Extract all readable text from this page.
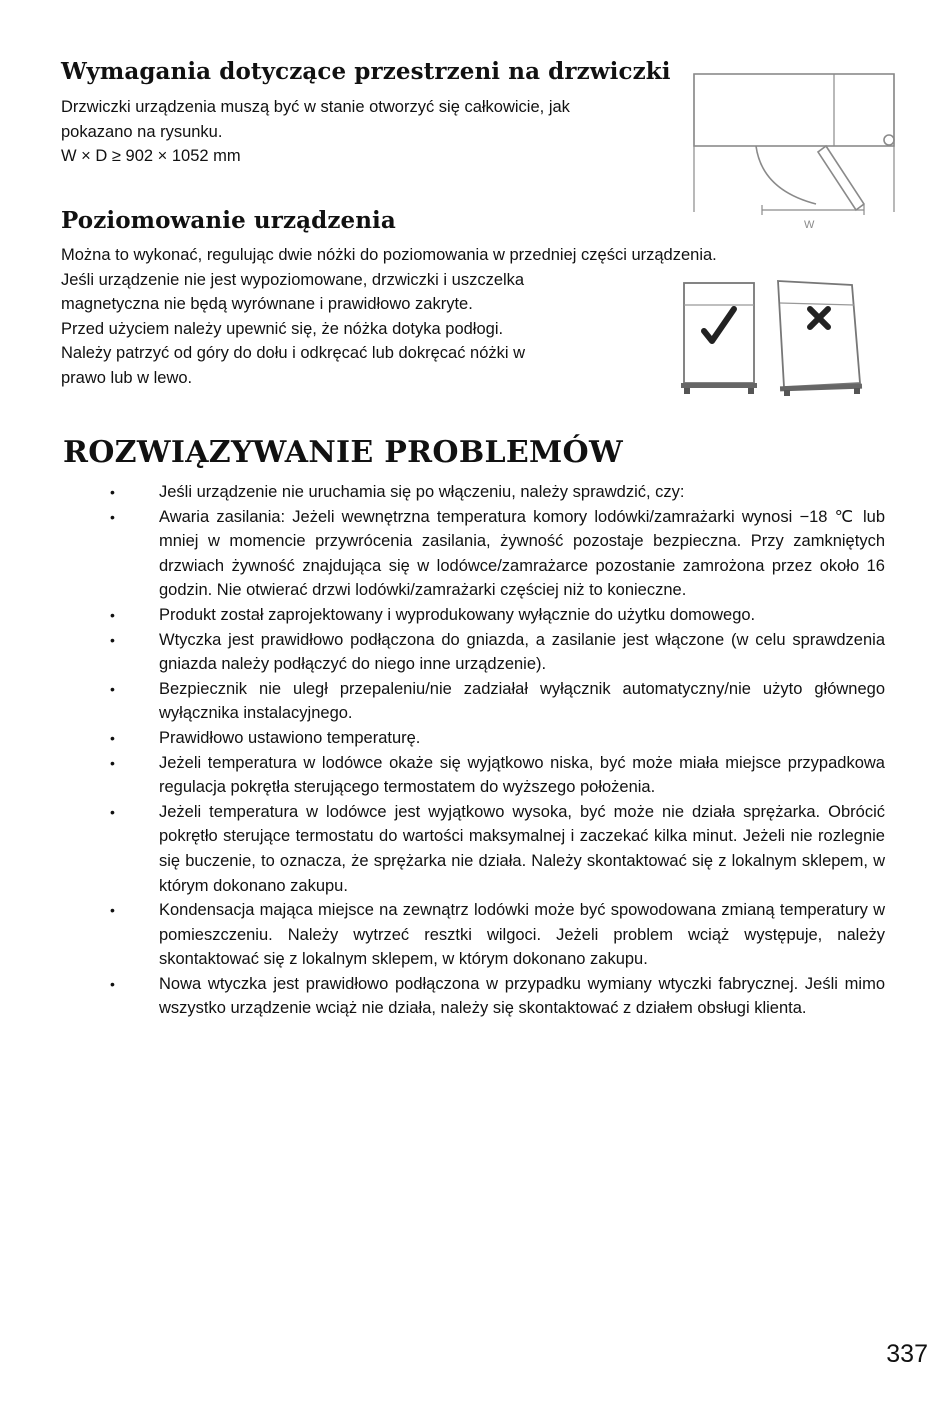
Wymagania dotyczące przestrzeni na drzwiczki
Drzwiczki urządzenia muszą być w stanie otworzyć się całkowicie, jak
pokazano na rysunku.
W × D ≥ 902 × 1052 mm
W
Poziomowanie urządzenia
Można to wykonać, regulując dwie nóżki do poziomowania w przedniej części urządzenia.
Jeśli urządzenie nie jest wypoziomowane, drzwiczki i uszczelka
magnetyczna nie będą wyrównane i prawidłowo zakryte.
Przed użyciem należy upewnić się, że nóżka dotyka podłogi.
Należy patrzyć od góry do dołu i odkręcać lub dokręcać nóżki w
prawo lub w lewo.
ROZWIĄZYWANIE PROBLEMÓW
•	Jeśli urządzenie nie uruchamia się po włączeniu, należy sprawdzić, czy:
•	Awaria zasilania: Jeżeli wewnętrzna temperatura komory lodówki/zamrażarki wynosi −18 ℃ lub mniej w momencie przywrócenia zasilania, żywność pozostaje bezpieczna. Przy zamkniętych drzwiach żywność znajdująca się w lodówce/zamrażarce pozostanie zamrożona przez około 16 godzin. Nie otwierać drzwi lodówki/zamrażarki częściej niż to konieczne.
•	Produkt został zaprojektowany i wyprodukowany wyłącznie do użytku domowego.
•	Wtyczka jest prawidłowo podłączona do gniazda, a zasilanie jest włączone (w celu sprawdzenia gniazda należy podłączyć do niego inne urządzenie).
•	Bezpiecznik nie uległ przepaleniu/nie zadziałał wyłącznik automatyczny/nie użyto głównego wyłącznika instalacyjnego.
•	Prawidłowo ustawiono temperaturę.
•	Jeżeli temperatura w lodówce okaże się wyjątkowo niska, być może miała miejsce przypadkowa regulacja pokrętła sterującego termostatem do wyższego położenia.
•	Jeżeli temperatura w lodówce jest wyjątkowo wysoka, być może nie działa sprężarka. Obrócić pokrętło sterujące termostatu do wartości maksymalnej i zaczekać kilka minut. Jeżeli nie rozlegnie się buczenie, to oznacza, że sprężarka nie działa. Należy skontaktować się z lokalnym sklepem, w którym dokonano zakupu.
•	Kondensacja mająca miejsce na zewnątrz lodówki może być spowodowana zmianą temperatury w pomieszczeniu. Należy wytrzeć resztki wilgoci. Jeżeli problem wciąż występuje, należy skontaktować się z lokalnym sklepem, w którym dokonano zakupu.
•	Nowa wtyczka jest prawidłowo podłączona w przypadku wymiany wtyczki fabrycznej. Jeśli mimo wszystko urządzenie wciąż nie działa, należy się skontaktować z działem obsługi klienta.
337
